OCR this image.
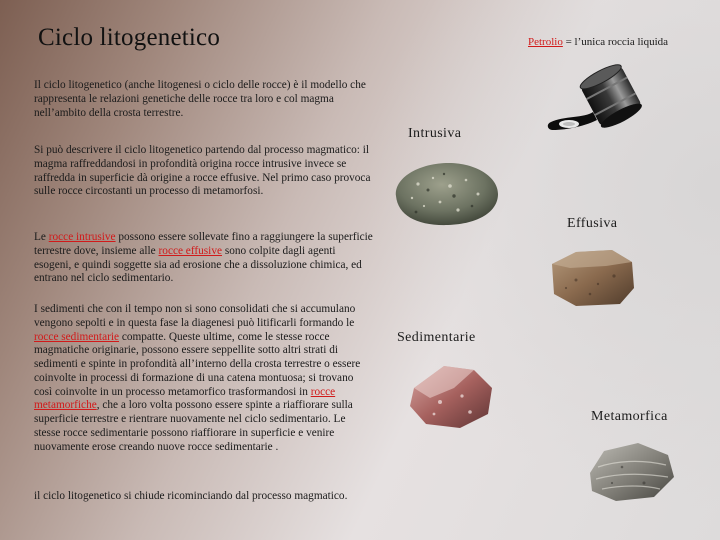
Ciclo litogenetico	Petrolio = l’unica roccia liquida
Il ciclo litogenetico (anche litogenesi o ciclo delle rocce) è il modello che rappresenta le relazioni genetiche delle rocce tra loro e col magma nell’ambito della crosta terrestre.
Si può descrivere il ciclo litogenetico partendo dal processo magmatico: il magma raffreddandosi in profondità origina rocce intrusive invece se raffredda in superficie dà origine a rocce effusive. Nel primo caso provoca sulle rocce circostanti un processo di metamorfosi.
Le rocce intrusive possono essere sollevate fino a raggiungere la superficie terrestre dove, insieme alle rocce effusive sono colpite dagli agenti esogeni, e quindi soggette sia ad erosione che a dissoluzione chimica, ed entrano nel ciclo sedimentario.
I sedimenti che con il tempo non si sono consolidati che si accumulano vengono sepolti e in questa fase la diagenesi può litificarli formando le rocce sedimentarie compatte. Queste ultime, come le stesse rocce magmatiche originarie, possono essere seppellite sotto altri strati di sedimenti e spinte in profondità all’interno della crosta terrestre o essere coinvolte in processi di formazione di una catena montuosa; si trovano così coinvolte in un processo metamorfico trasformandosi in rocce metamorfiche, che a loro volta possono essere spinte a riaffiorare sulla superficie terrestre e rientrare nuovamente nel ciclo sedimentario. Le stesse rocce sedimentarie possono riaffiorare in superficie e venire nuovamente erose creando nuove rocce sedimentarie .
il ciclo litogenetico si chiude ricominciando dal processo magmatico.
Intrusiva
Effusiva
Sedimentarie
Metamorfica
